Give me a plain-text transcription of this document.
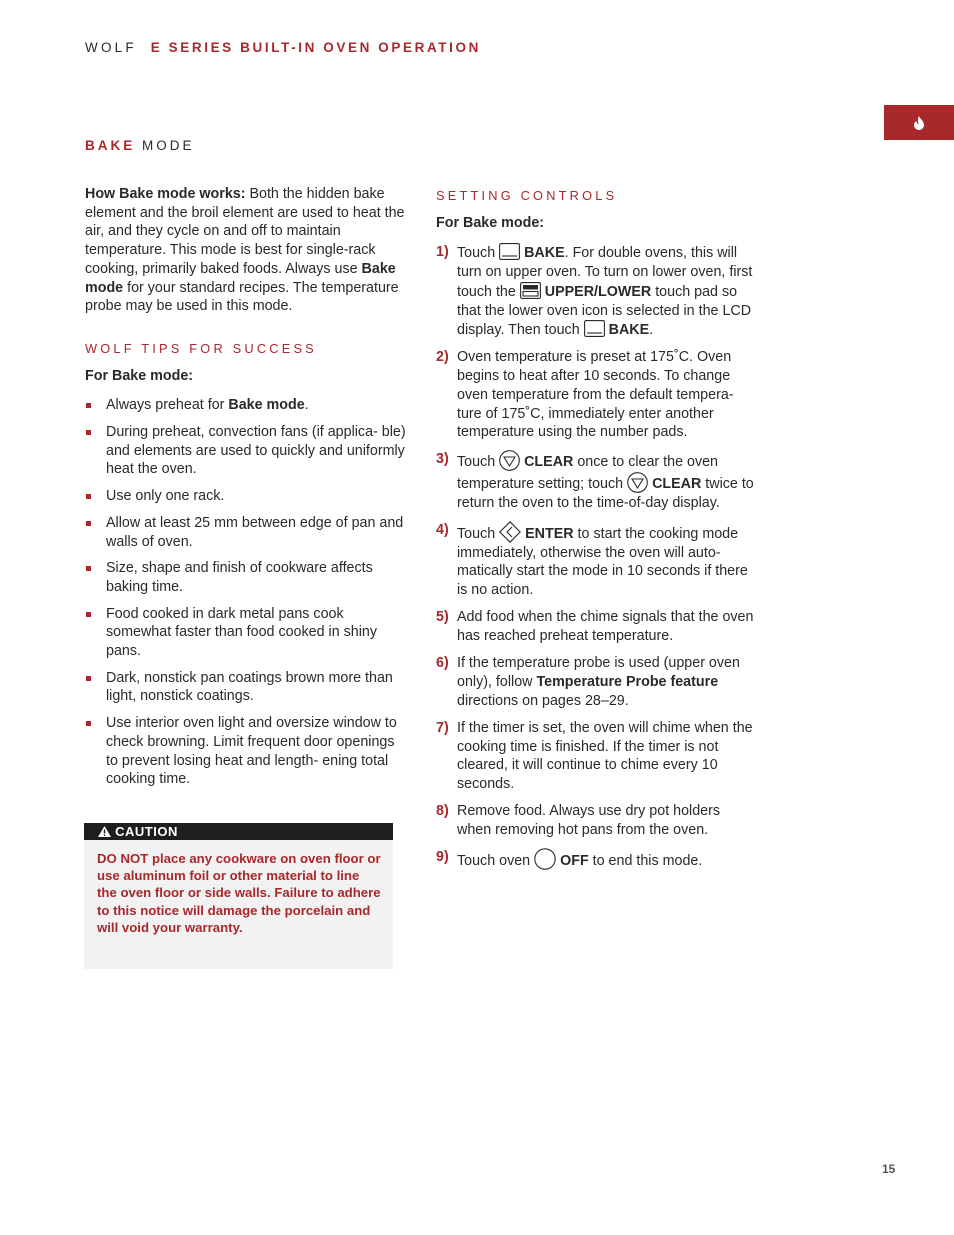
WOLF E SERIES BUILT-IN OVEN OPERATION
BAKE MODE

How Bake mode works: Both the hidden bake element and the broil element are used to heat the air, and they cycle on and off to maintain temperature. This mode is best for single-rack cooking, primarily baked foods. Always use Bake mode for your standard recipes. The temperature probe may be used in this mode.

WOLF TIPS FOR SUCCESS

For Bake mode:

Always preheat for Bake mode.
During preheat, convection fans (if applica- ble) and elements are used to quickly and uniformly heat the oven.
Use only one rack.
Allow at least 25 mm between edge of pan and walls of oven.
Size, shape and finish of cookware affects baking time.
Food cooked in dark metal pans cook somewhat faster than food cooked in shiny pans.
Dark, nonstick pan coatings brown more than light, nonstick coatings.
Use interior oven light and oversize window to check browning. Limit frequent door openings to prevent losing heat and length- ening total cooking time.
CAUTION
DO NOT place any cookware on oven floor or use aluminum foil or other material to line the oven floor or side walls. Failure to adhere to this notice will damage the porcelain and will void your warranty.

SETTING CONTROLS

For Bake mode:

1) Touch  BAKE. For double ovens, this will turn on upper oven. To turn on lower oven, first touch the  UPPER/LOWER touch pad so that the lower oven icon is selected in the LCD display. Then touch  BAKE.
2) Oven temperature is preset at 175˚C. Oven begins to heat after 10 seconds. To change oven temperature from the default tempera- ture of 175˚C, immediately enter another temperature using the number pads.
3) Touch  CLEAR once to clear the oven temperature setting; touch  CLEAR twice to return the oven to the time-of-day display.
4) Touch  ENTER to start the cooking mode immediately, otherwise the oven will auto- matically start the mode in 10 seconds if there is no action.
5) Add food when the chime signals that the oven has reached preheat temperature.
6) If the temperature probe is used (upper oven only), follow Temperature Probe feature directions on pages 28–29.
7) If the timer is set, the oven will chime when the cooking time is finished. If the timer is not cleared, it will continue to chime every 10 seconds.
8) Remove food. Always use dry pot holders when removing hot pans from the oven.
9) Touch oven  OFF to end this mode.
15
